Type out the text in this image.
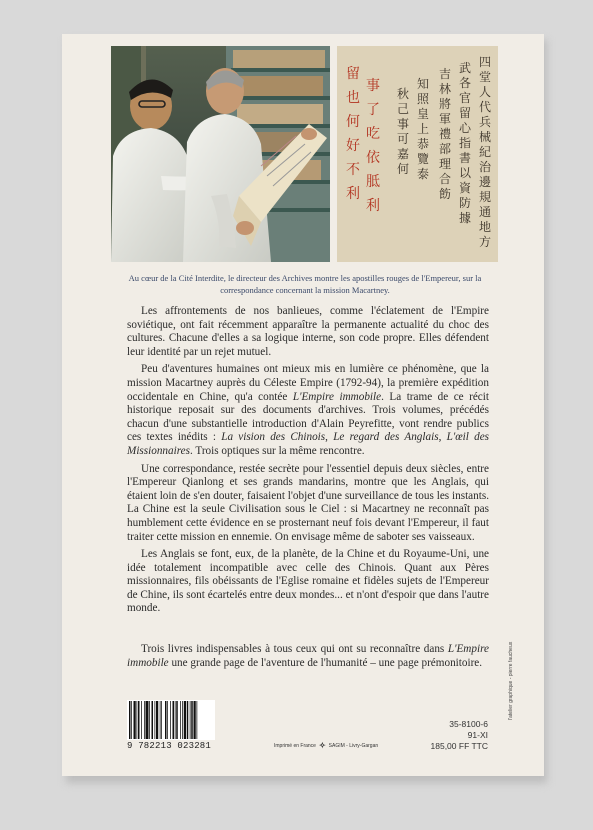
四
堂
人
代
兵
械
紀
治
邊
規
通
地
方
武
各
官
留
心
指
書
以
資
防
據
吉
林
將
軍
禮
部
理
合
飭
知
照
皇
上
恭
覽
泰
秋
己
事
可
嘉
何
事
了
吃
依
胝
利
留
也
何
好
不
利
Au cœur de la Cité Interdite, le directeur des Archives montre les apostilles rouges de l'Empereur, sur la correspondance concernant la mission Macartney.

Les affrontements de nos banlieues, comme l'éclatement de l'Empire soviétique, ont fait récemment apparaître la permanente actualité du choc des cultures. Chacune d'elles a sa logique interne, son code propre. Elles défendent leur identité par un rejet mutuel.

Peu d'aventures humaines ont mieux mis en lumière ce phénomène, que la mission Macartney auprès du Céleste Empire (1792-94), la première expédition occidentale en Chine, qu'a contée L'Empire immobile. La trame de ce récit historique reposait sur des documents d'archives. Trois volumes, précédés chacun d'une substantielle introduction d'Alain Peyrefitte, vont rendre publics ces textes inédits : La vision des Chinois, Le regard des Anglais, L'œil des Missionnaires. Trois optiques sur la même rencontre.

Une correspondance, restée secrète pour l'essentiel depuis deux siècles, entre l'Empereur Qianlong et ses grands mandarins, montre que les Anglais, qui étaient loin de s'en douter, faisaient l'objet d'une surveillance de tous les instants. La Chine est la seule Civilisation sous le Ciel : si Macartney ne reconnaît pas humblement cette évidence en se prosternant neuf fois devant l'Empereur, il faut traiter cette mission en ennemie. On envisage même de saboter ses vaisseaux.

Les Anglais se font, eux, de la planète, de la Chine et du Royaume-Uni, une idée totalement incompatible avec celle des Chinois. Quant aux Pères missionnaires, fils obéissants de l'Eglise romaine et fidèles sujets de l'Empereur de Chine, ils sont écartelés entre deux mondes... et n'ont d'espoir que dans l'autre monde.

Trois livres indispensables à tous ceux qui ont su reconnaître dans L'Empire immobile une grande page de l'aventure de l'humanité – une page prémonitoire.
9 782213 023281	Imprimé en France ✧ SAGIM - Livry-Gargan
35-8100-6
91-XI
185,00 FF TTC
l'atelier graphique - pierre faucheux
